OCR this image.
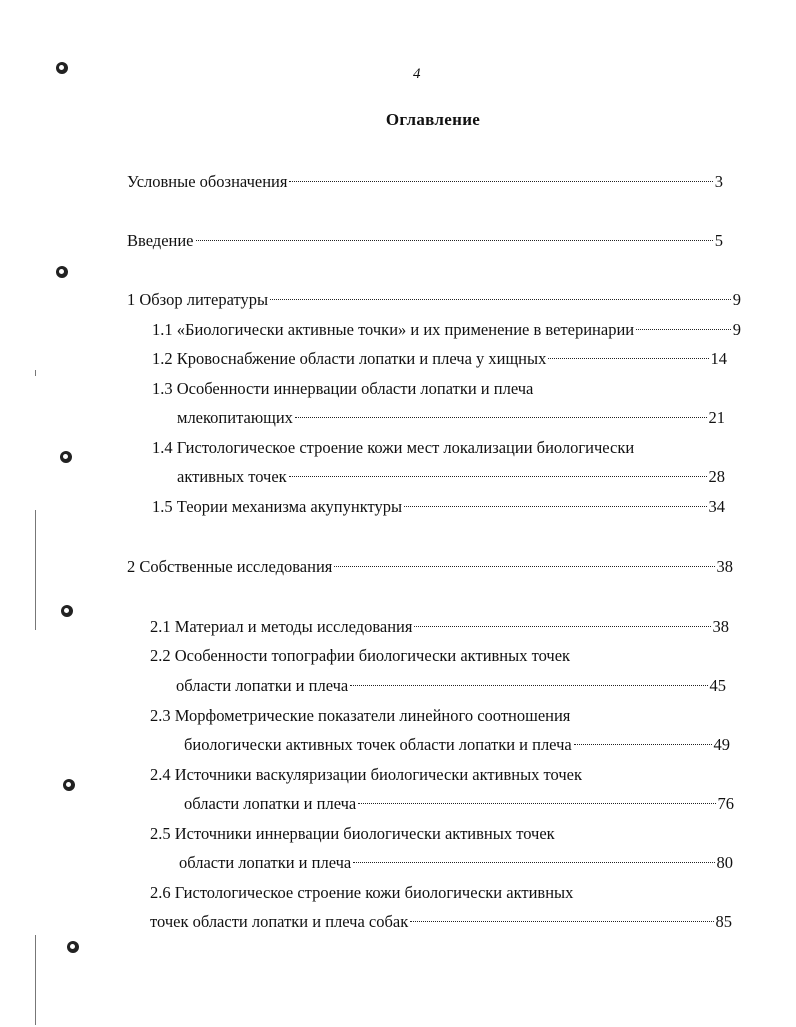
4
Оглавление
Условные обозначения	3
Введение	5
1 Обзор литературы	9
1.1 «Биологически активные точки» и их применение в ветеринарии	9
1.2 Кровоснабжение области лопатки и плеча у хищных	14
1.3 Особенности иннервации области лопатки и плеча
млекопитающих	21
1.4 Гистологическое строение кожи мест локализации биологически
активных точек	28
1.5 Теории механизма акупунктуры	34
2 Собственные исследования	38
2.1 Материал и методы исследования	38
2.2 Особенности топографии биологически активных точек
области лопатки и плеча	45
2.3 Морфометрические показатели линейного соотношения
биологически активных точек области лопатки и плеча	49
2.4 Источники васкуляризации биологически активных точек
области лопатки и плеча	76
2.5 Источники иннервации биологически активных точек
области лопатки и плеча	80
2.6 Гистологическое строение кожи биологически активных
точек области лопатки и плеча собак	85
